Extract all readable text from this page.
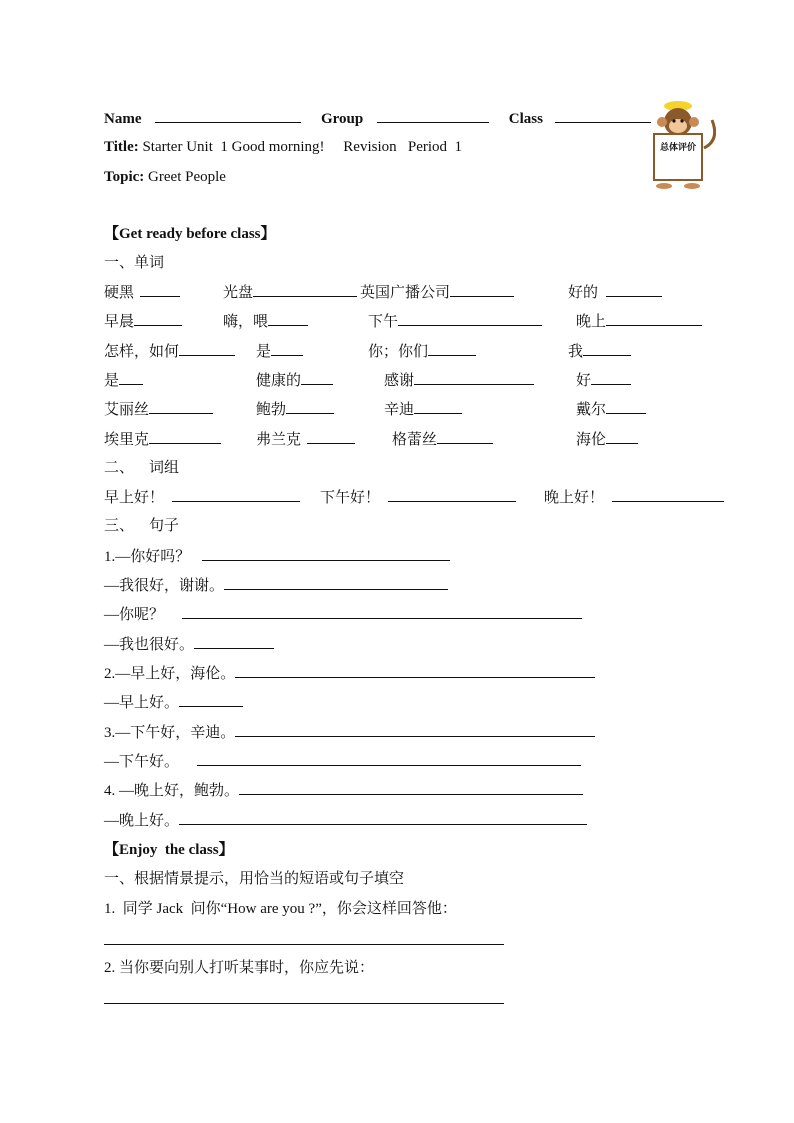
Name	Group	Class
Title: Starter Unit  1 Good morning!     Revision   Period  1
Topic: Greet People
总体评价
【Get ready before class】
一、单词
硬黑	光盘	英国广播公司	好的
早晨	嗨，喂	下午	晚上
怎样，如何	是	你；你们	我
是	健康的	感谢	好
艾丽丝	鲍勃	辛迪	戴尔
埃里克	弗兰克	格蕾丝	海伦
二、    词组
早上好！	下午好！	晚上好！
三、    句子
1.—你好吗？
—我很好，谢谢。
—你呢？
—我也很好。
2.—早上好，海伦。
—早上好。
3.—下午好，辛迪。
—下午好。
4. —晚上好，鲍勃。
—晚上好。
【Enjoy  the class】
一、根据情景提示，用恰当的短语或句子填空
1.  同学 Jack  问你“How are you ?”，你会这样回答他：
2. 当你要向别人打听某事时，你应先说：
